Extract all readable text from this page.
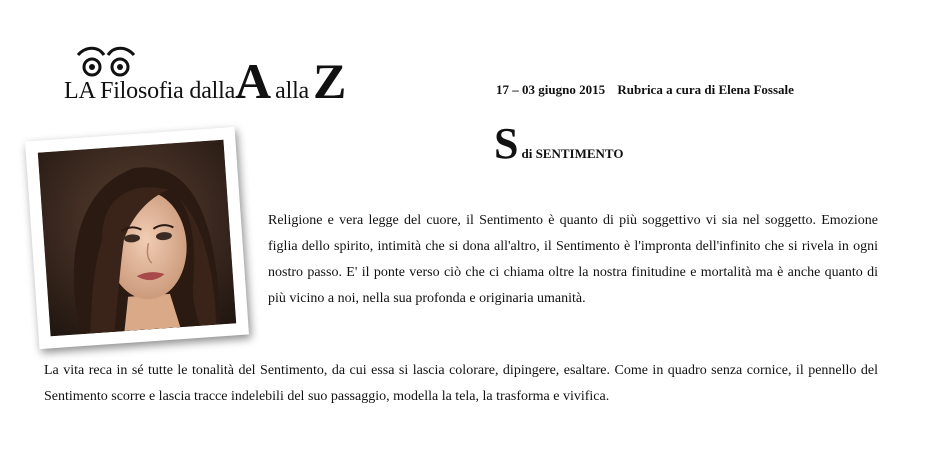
LA Filosofia dallaA alla Z	17 – 03 giugno 2015 Rubrica a cura di Elena Fossale
Sdi SENTIMENTO

Religione e vera legge del cuore, il Sentimento è quanto di più soggettivo vi sia nel soggetto. Emozione figlia dello spirito, intimità che si dona all'altro, il Sentimento è l'impronta dell'infinito che si rivela in ogni nostro passo. E' il ponte verso ciò che ci chiama oltre la nostra finitudine e mortalità ma è anche quanto di più vicino a noi, nella sua profonda e originaria umanità.

La vita reca in sé tutte le tonalità del Sentimento, da cui essa si lascia colorare, dipingere, esaltare. Come in quadro senza cornice, il pennello del Sentimento scorre e lascia tracce indelebili del suo passaggio, modella la tela, la trasforma e vivifica.
